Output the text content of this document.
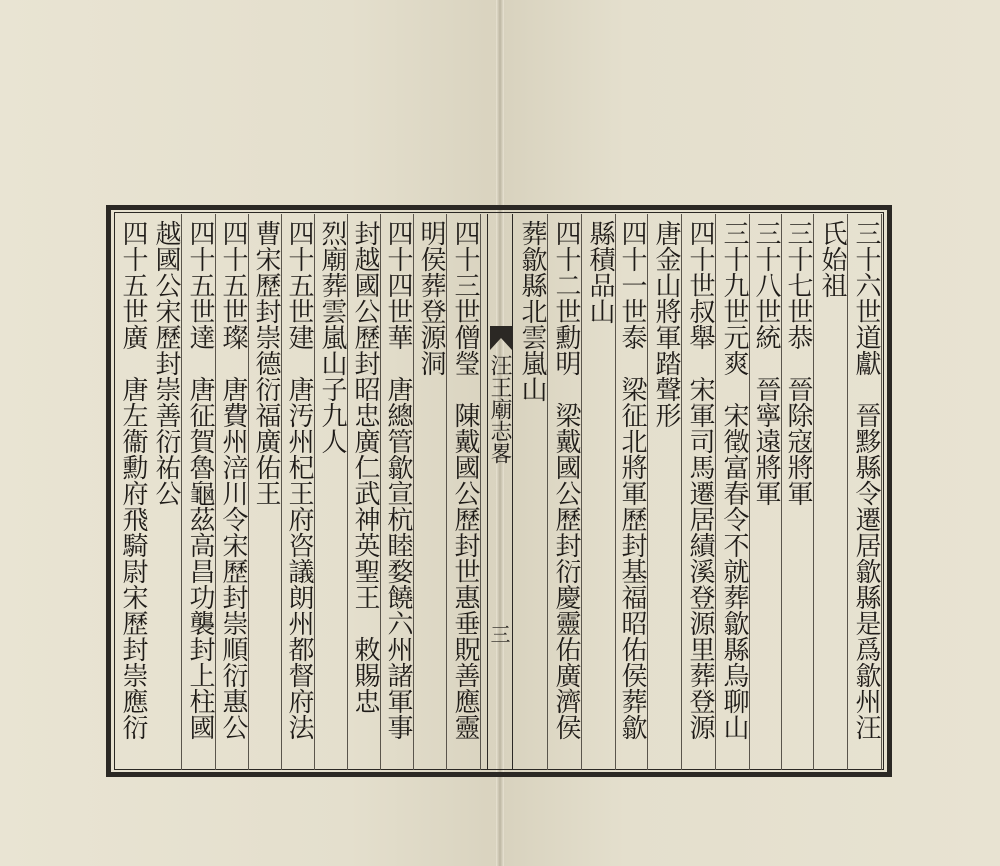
三十六世道獻　晉黟縣令遷居歙縣是爲歙州汪
氏始祖
三十七世恭　晉除寇將軍
三十八世統　晉寧遠將軍
三十九世元爽　宋徵富春令不就葬歙縣烏聊山
四十世叔舉　宋軍司馬遷居績溪登源里葬登源
唐金山將軍踏聲形
四十一世泰　梁征北將軍歷封基福昭佑侯葬歙
縣積品山
四十二世勳明　梁戴國公歷封衍慶靈佑廣濟侯
葬歙縣北雲嵐山
汪王廟志畧
三
四十三世僧瑩　陳戴國公歷封世惠垂貺善應靈
明侯葬登源洞
四十四世華　唐總管歙宣杭睦婺饒六州諸軍事
封越國公歷封昭忠廣仁武神英聖王　敕賜忠
烈廟葬雲嵐山子九人
四十五世建　唐汚州杞王府咨議朗州都督府法
曹宋歷封崇德衍福廣佑王
四十五世璨　唐費州涪川令宋歷封崇順衍惠公
四十五世達　唐征賀魯龜茲高昌功襲封上柱國
越國公宋歷封崇善衍祐公
四十五世廣　唐左衞勳府飛騎尉宋歷封崇應衍
